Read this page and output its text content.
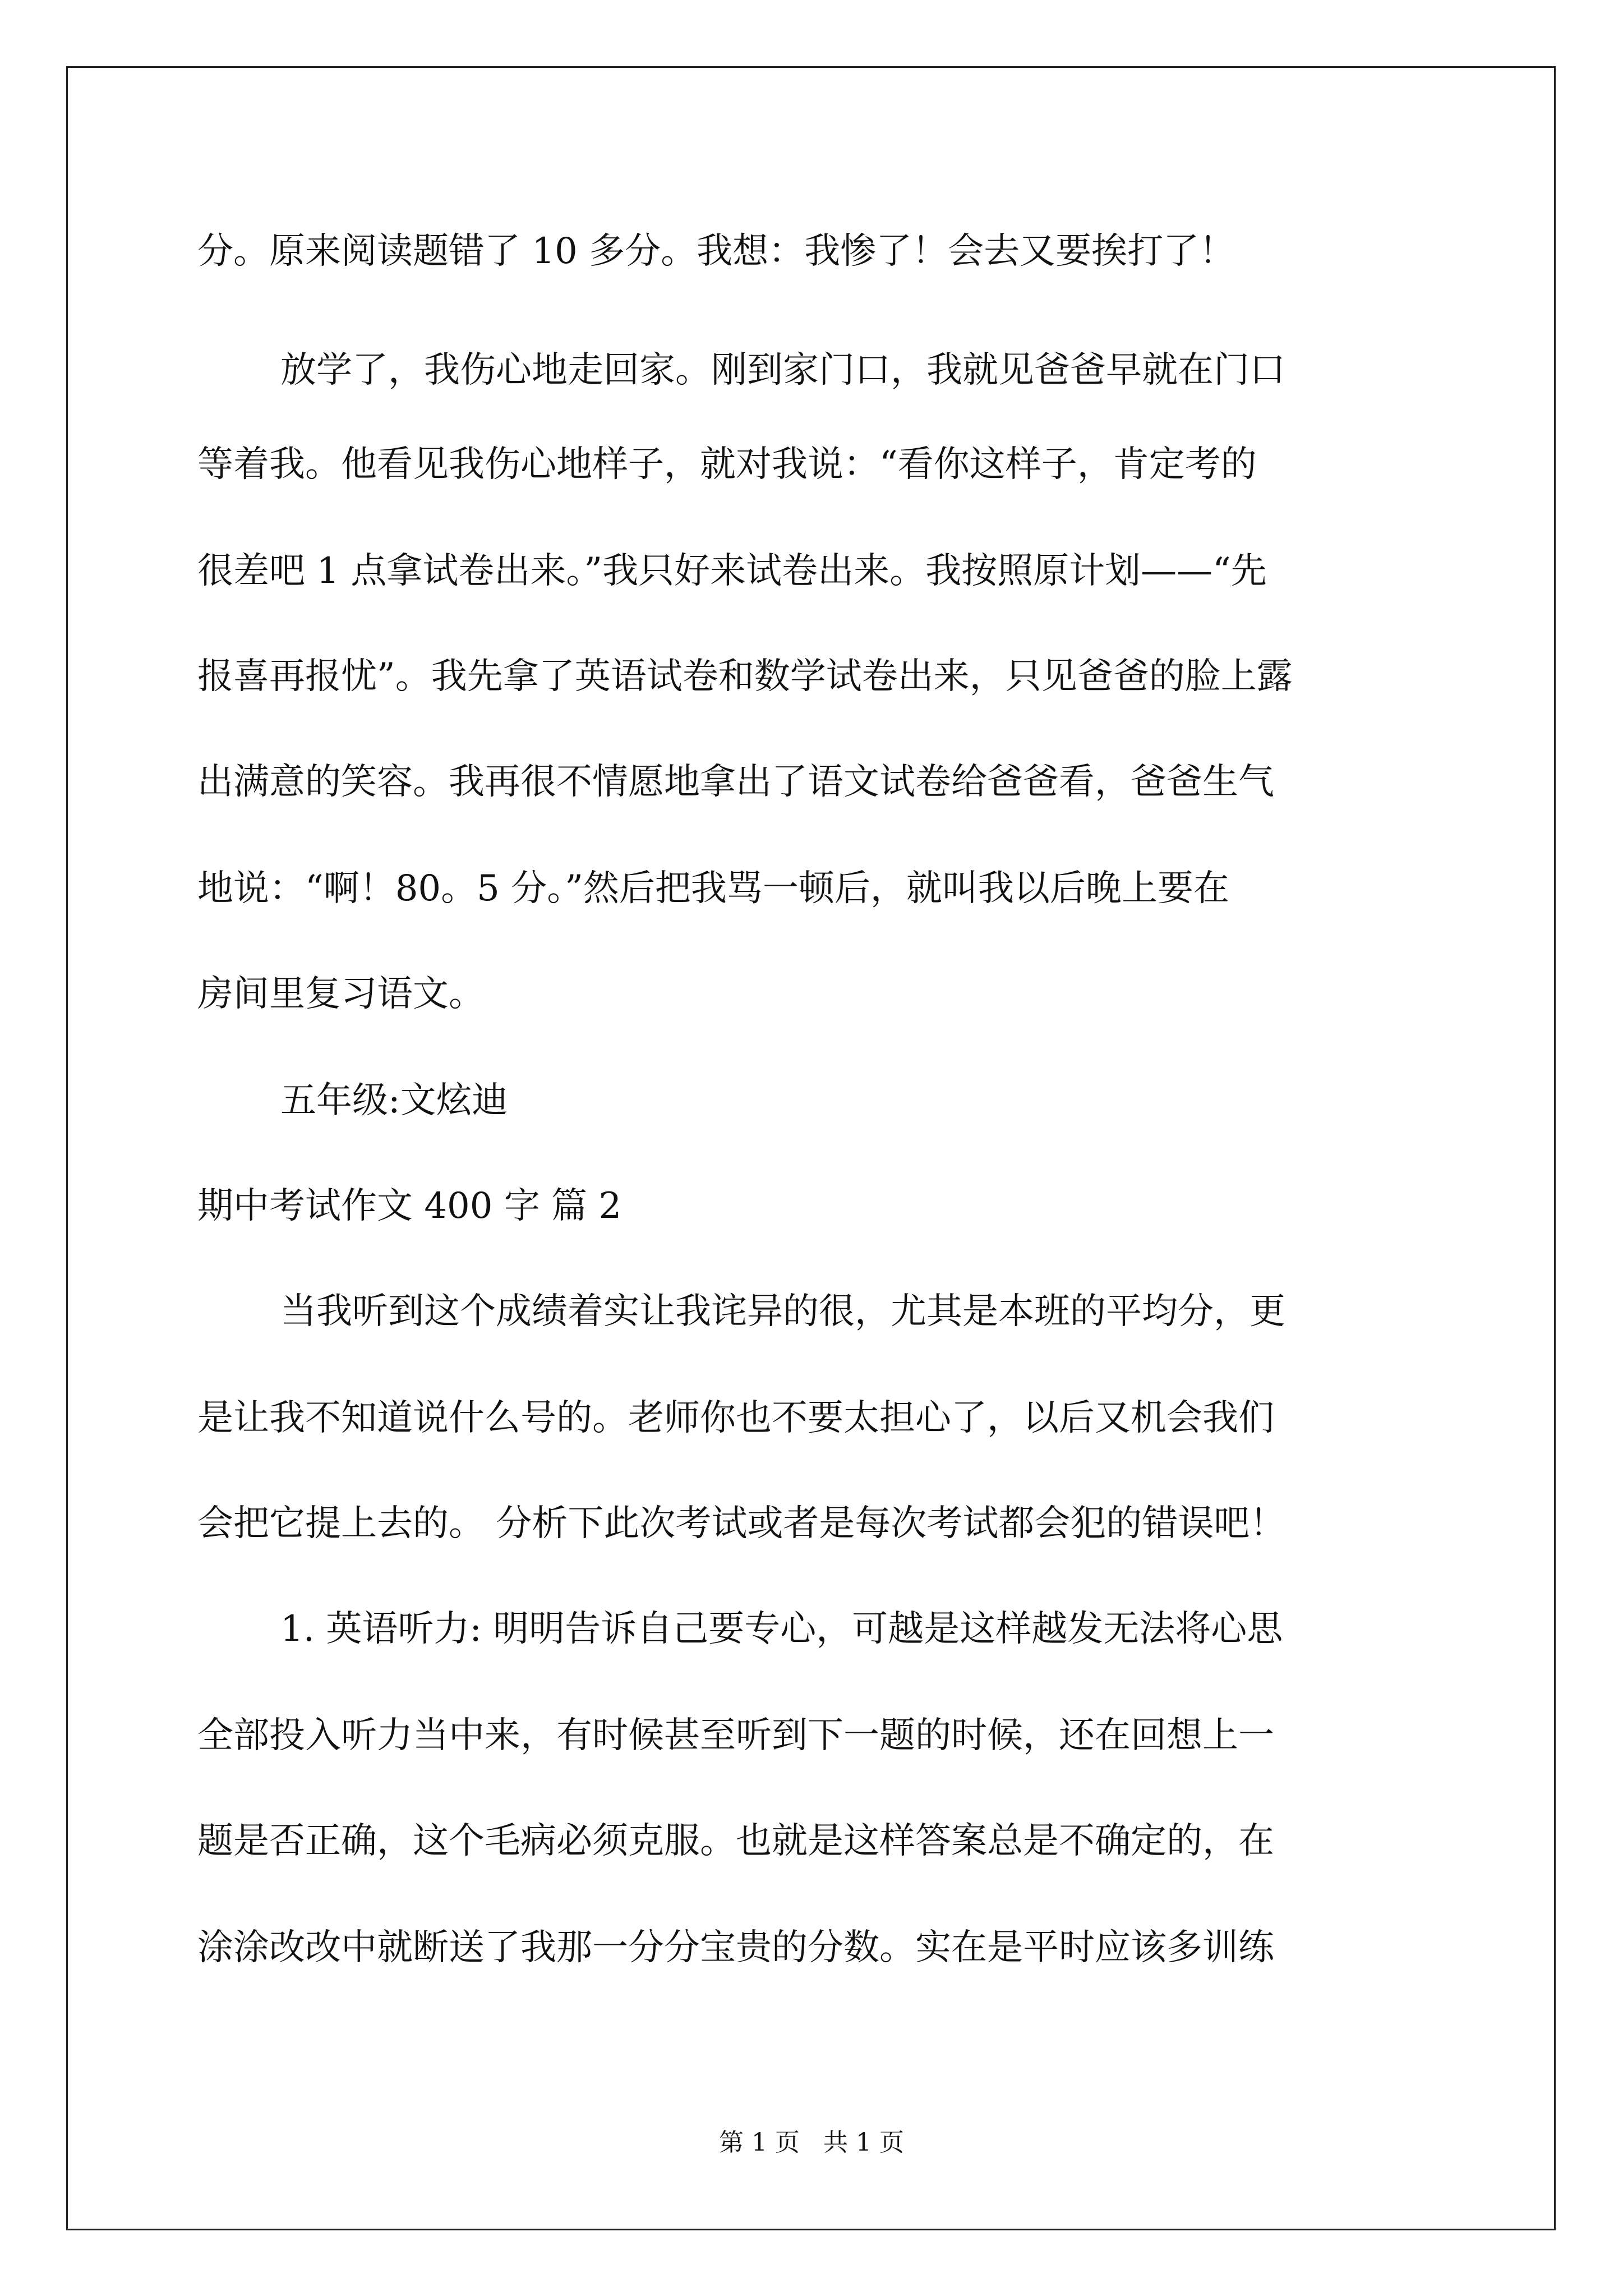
分。原来阅读题错了 10 多分。我想：我惨了！会去又要挨打了！
放学了，我伤心地走回家。刚到家门口，我就见爸爸早就在门口
等着我。他看见我伤心地样子，就对我说：“看你这样子，肯定考的
很差吧 1 点拿试卷出来。”我只好来试卷出来。我按照原计划——“先
报喜再报忧”。我先拿了英语试卷和数学试卷出来，只见爸爸的脸上露
出满意的笑容。我再很不情愿地拿出了语文试卷给爸爸看，爸爸生气
地说：“啊！80。5 分。”然后把我骂一顿后，就叫我以后晚上要在
房间里复习语文。
五年级:文炫迪
期中考试作文 400 字 篇 2
当我听到这个成绩着实让我诧异的很，尤其是本班的平均分，更
是让我不知道说什么号的。老师你也不要太担心了，以后又机会我们
会把它提上去的。 分析下此次考试或者是每次考试都会犯的错误吧！
1. 英语听力: 明明告诉自己要专心，可越是这样越发无法将心思
全部投入听力当中来，有时候甚至听到下一题的时候，还在回想上一
题是否正确，这个毛病必须克服。也就是这样答案总是不确定的，在
涂涂改改中就断送了我那一分分宝贵的分数。实在是平时应该多训练
第 1 页   共 1 页
